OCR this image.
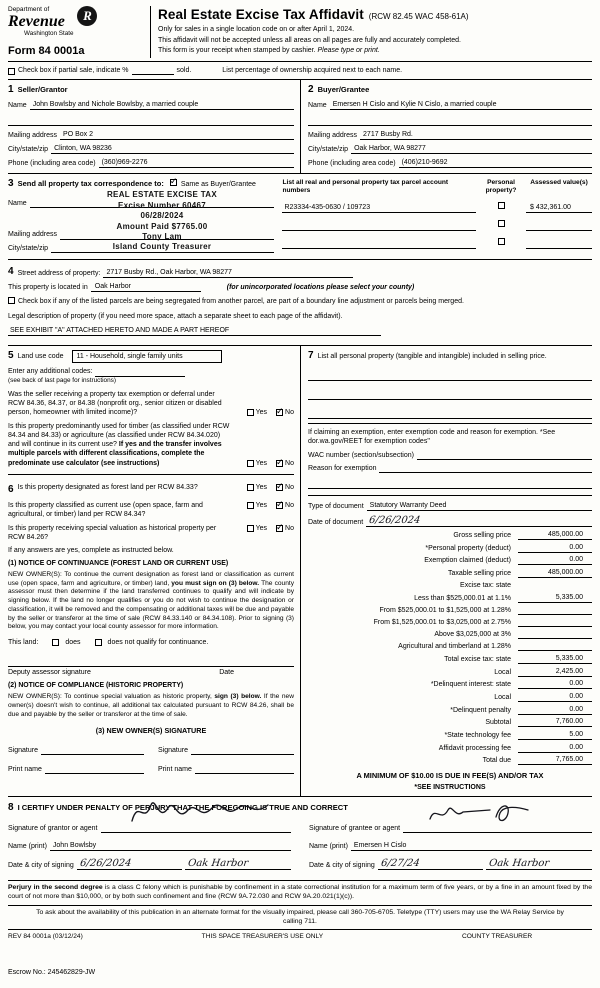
Department of
Revenue
Washington State
R
Form 84 0001a
Real Estate Excise Tax Affidavit (RCW 82.45 WAC 458-61A)
Only for sales in a single location code on or after April 1, 2024.
This affidavit will not be accepted unless all areas on all pages are fully and accurately completed.
This form is your receipt when stamped by cashier. Please type or print.
Check box if partial sale, indicate %	sold.	List percentage of ownership acquired next to each name.
1 Seller/Grantor
Name John Bowlsby and Nichole Bowlsby, a married couple
Mailing address PO Box 2
City/state/zip Clinton, WA 98236
Phone (including area code) (360)969-2276
2 Buyer/Grantee
Name Emersen H Cislo and Kylie N Cislo, a married couple
Mailing address 2717 Busby Rd.
City/state/zip Oak Harbor, WA 98277
Phone (including area code) (406)210-9692
3 Send all property tax correspondence to: ✓ Same as Buyer/Grantee
Name
Mailing address
City/state/zip
REAL ESTATE EXCISE TAX
Excise Number 60467
06/28/2024
Amount Paid $7765.00
Tony Lam
Island County Treasurer
List all real and personal property tax parcel account numbers
Personal property?
Assessed value(s)
R23334-435-0630 / 109723	$ 432,361.00
4 Street address of property: 2717 Busby Rd., Oak Harbor, WA 98277
This property is located in	Oak Harbor	(for unincorporated locations please select your county)
Check box if any of the listed parcels are being segregated from another parcel, are part of a boundary line adjustment or parcels being merged.
Legal description of property (if you need more space, attach a separate sheet to each page of the affidavit).
SEE EXHIBIT "A" ATTACHED HERETO AND MADE A PART HEREOF
5 Land use code	11 - Household, single family units
Enter any additional codes:
(see back of last page for instructions)
Was the seller receiving a property tax exemption or deferral under RCW 84.36, 84.37, or 84.38 (nonprofit org., senior citizen or disabled person, homeowner with limited income)?	Yes ✓	No
Is this property predominantly used for timber (as classified under RCW 84.34 and 84.33) or agriculture (as classified under RCW 84.34.020) and will continue in its current use? If yes and the transfer involves multiple parcels with different classifications, complete the predominate use calculator (see instructions)	Yes ✓	No
6 Is this property designated as forest land per RCW 84.33?	Yes ✓	No
Is this property classified as current use (open space, farm and agricultural, or timber) land per RCW 84.34?
Yes ✓	No
Is this property receiving special valuation as historical property per RCW 84.26?
Yes ✓	No
If any answers are yes, complete as instructed below.
(1) NOTICE OF CONTINUANCE (FOREST LAND OR CURRENT USE)
NEW OWNER(S): To continue the current designation as forest land or classification as current use (open space, farm and agriculture, or timber) land, you must sign on (3) below. The county assessor must then determine if the land transferred continues to qualify and will indicate by signing below. If the land no longer qualifies or you do not wish to continue the designation or classification, it will be removed and the compensating or additional taxes will be due and payable by the seller or transferor at the time of sale (RCW 84.33.140 or 84.34.108). Prior to signing (3) below, you may contact your local county assessor for more information.
This land:	does	does not qualify for continuance.
Deputy assessor signature	Date
(2) NOTICE OF COMPLIANCE (HISTORIC PROPERTY)
NEW OWNER(S): To continue special valuation as historic property, sign (3) below. If the new owner(s) doesn't wish to continue, all additional tax calculated pursuant to RCW 84.26, shall be due and payable by the seller or transferor at the time of sale.
(3) NEW OWNER(S) SIGNATURE
Signature	Signature
Print name	Print name
7 List all personal property (tangible and intangible) included in selling price.
If claiming an exemption, enter exemption code and reason for exemption. *See dor.wa.gov/REET for exemption codes"
WAC number (section/subsection)
Reason for exemption
Type of document Statutory Warranty Deed
Date of document 6/26/2024
Gross selling price	485,000.00
*Personal property (deduct)	0.00
Exemption claimed (deduct)	0.00
Taxable selling price	485,000.00
Excise tax: state
Less than $525,000.01 at 1.1%	5,335.00
From $525,000.01 to $1,525,000 at 1.28%
From $1,525,000.01 to $3,025,000 at 2.75%
Above $3,025,000 at 3%
Agricultural and timberland at 1.28%
Total excise tax: state	5,335.00
Local	2,425.00
*Delinquent interest: state	0.00
Local	0.00
*Delinquent penalty	0.00
Subtotal	7,760.00
*State technology fee	5.00
Affidavit processing fee	0.00
Total due	7,765.00
A MINIMUM OF $10.00 IS DUE IN FEE(S) AND/OR TAX
*SEE INSTRUCTIONS
8 I CERTIFY UNDER PENALTY OF PERJURY THAT THE FOREGOING IS TRUE AND CORRECT
Signature of grantor or agent
Name (print) John Bowlsby
Date & city of signing 6/26/2024	Oak Harbor
Signature of grantee or agent
Name (print) Emersen H Cislo
Date & city of signing 6/27/24	Oak Harbor
Perjury in the second degree is a class C felony which is punishable by confinement in a state correctional institution for a maximum term of five years, or by a fine in an amount fixed by the court of not more than $10,000, or by both such confinement and fine (RCW 9A.72.030 and RCW 9A.20.021(1)(c)).
To ask about the availability of this publication in an alternate format for the visually impaired, please call 360-705-6705. Teletype (TTY) users may use the WA Relay Service by calling 711.
REV 84 0001a (03/12/24)	THIS SPACE TREASURER'S USE ONLY	COUNTY TREASURER
Escrow No.: 245462829-JW
